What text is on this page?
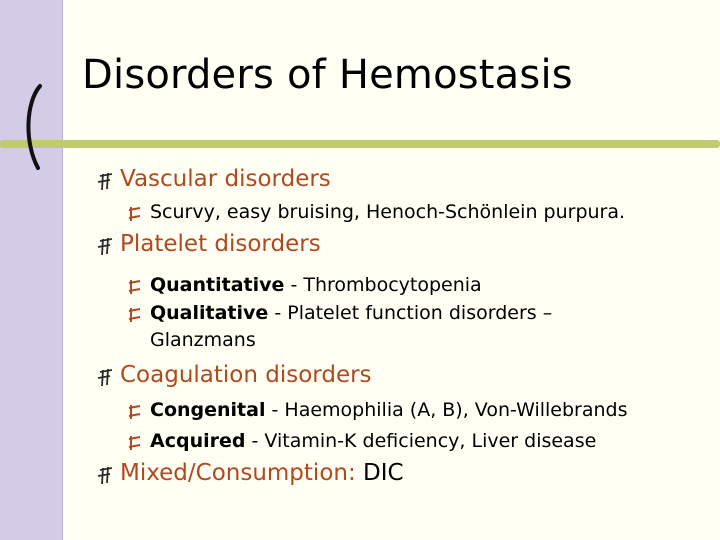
Disorders of Hemostasis
Vascular disorders
Scurvy, easy bruising, Henoch-Schönlein purpura.
Platelet disorders
Quantitative - Thrombocytopenia
Qualitative - Platelet function disorders –
Glanzmans
Coagulation disorders
Congenital - Haemophilia (A, B), Von-Willebrands
Acquired - Vitamin-K deficiency, Liver disease
Mixed/Consumption: DIC
